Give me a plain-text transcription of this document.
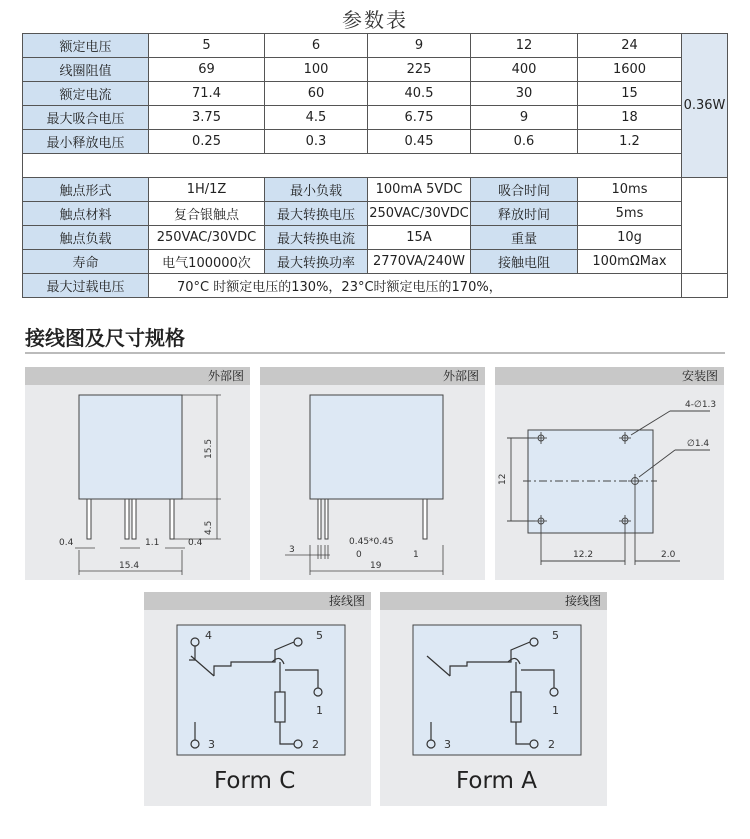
参数表
额定电压	5	6	9	12	24	0.36W
线圈阻值	69	100	225	400	1600	
额定电流	71.4	60	40.5	30	15	
最大吸合电压	3.75	4.5	6.75	9	18	
最小释放电压	0.25	0.3	0.45	0.6	1.2	

触点形式	1H/1Z	最小负载	100mA 5VDC	吸合时间	10ms	
触点材料	复合银触点	最大转换电压	250VAC/30VDC	释放时间	5ms	
触点负载	250VAC/30VDC	最大转换电流	15A	重量	10g	
寿命	电气100000次	最大转换功率	2770VA/240W	接触电阻	100mΩMax	
最大过载电压	70°C 时额定电压的130%，23°C时额定电压的170%，					
接线图及尺寸规格
外部图
15.5
4.5
1.1
0.4	0.4
15.4
外部图
3
0.45*0.45
0	1
19
安装图
4-∅1.3
∅1.4
12
12.2	2.0
接线图
4	5
1
3	2
Form C
接线图
5
1
3	2
Form A
